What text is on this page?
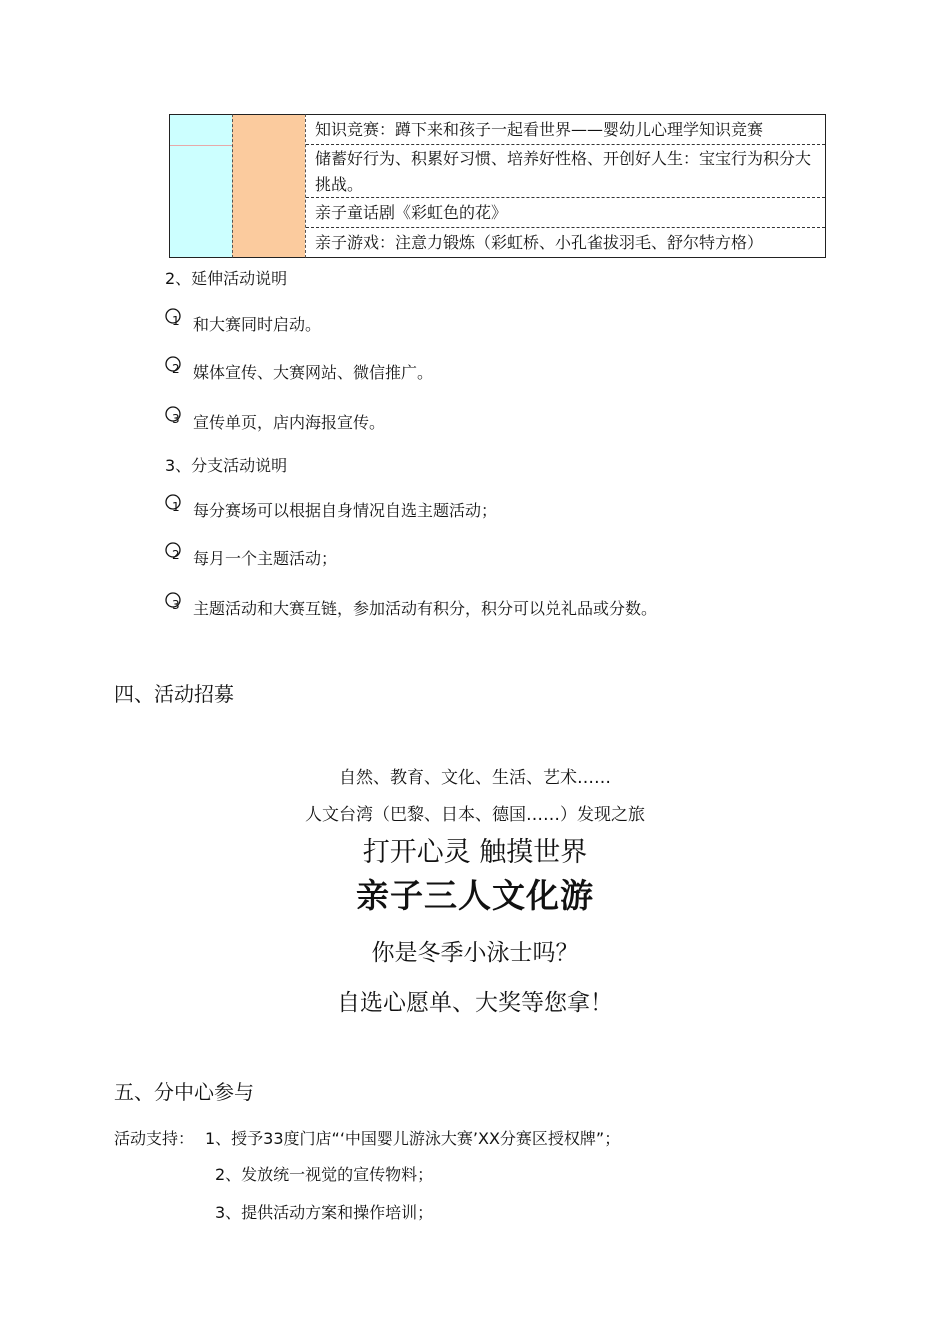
知识竞赛：蹲下来和孩子一起看世界——婴幼儿心理学知识竞赛
储蓄好行为、积累好习惯、培养好性格、开创好人生：宝宝行为积分大挑战。
亲子童话剧《彩虹色的花》
亲子游戏：注意力锻炼（彩虹桥、小孔雀拔羽毛、舒尔特方格）
2、延伸活动说明
1 和大赛同时启动。
2 媒体宣传、大赛网站、微信推广。
3 宣传单页，店内海报宣传。
3、分支活动说明
1 每分赛场可以根据自身情况自选主题活动；
2 每月一个主题活动；
3 主题活动和大赛互链，参加活动有积分，积分可以兑礼品或分数。
四、活动招募
自然、教育、文化、生活、艺术……
人文台湾（巴黎、日本、德国……）发现之旅
打开心灵 触摸世界
亲子三人文化游
你是冬季小泳士吗？
自选心愿单、大奖等您拿！
五、分中心参与
活动支持： 1、授予33度门店“‘中国婴儿游泳大赛’XX分赛区授权牌”；
2、发放统一视觉的宣传物料；
3、提供活动方案和操作培训；
